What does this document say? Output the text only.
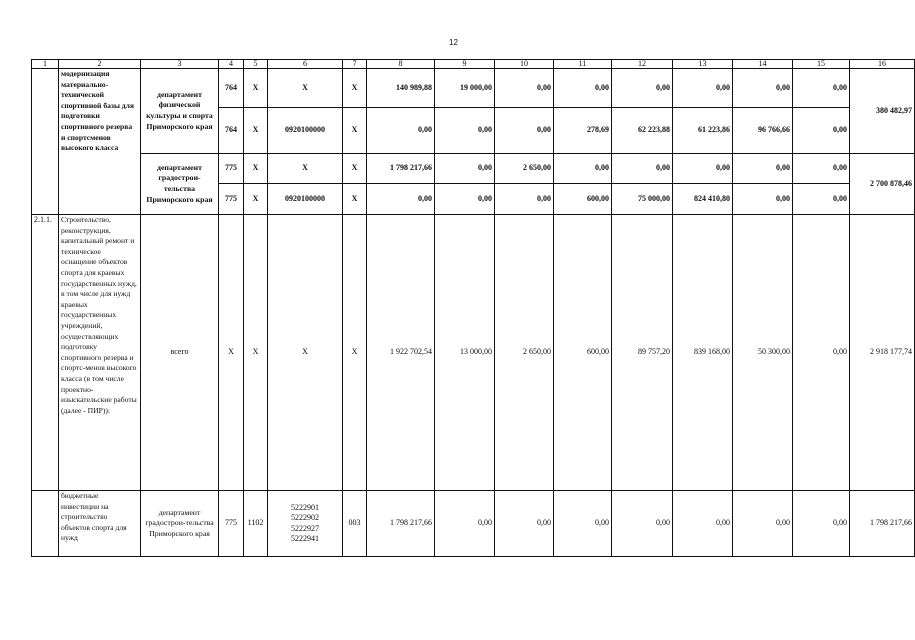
12
1	2	3	4	5	6	7	8	9	10	11	12	13	14	15	16
	модернизация материально-технической спортивной базы для подготовки спортивного резерва и спортсменов высокого класса	департамент физической культуры и спорта Приморского края	764	X	X	X	140 989,88	19 000,00	0,00	0,00	0,00	0,00	0,00	0,00	380 482,97
			764	X	0920100000	X	0,00	0,00	0,00	278,69	62 223,88	61 223,86	96 766,66	0,00	
		департамент градострои-тельства Приморского края	775	X	X	X	1 798 217,66	0,00	2 650,00	0,00	0,00	0,00	0,00	0,00	2 700 878,46
			775	X	0920100000	X	0,00	0,00	0,00	600,00	75 000,00	824 410,80	0,00	0,00	
2.1.1.	Строительство, реконструкция, капитальный ремонт и техническое оснащение объектов спорта для краевых государственных нужд, в том числе для нужд краевых государственных учреждений, осуществляющих подготовку спортивного резерва и спортс-менов высокого класса (в том числе проектно-изыскательские работы (далее - ПИР)):	всего	X	X	X	X	1 922 702,54	13 000,00	2 650,00	600,00	89 757,20	839 168,00	50 300,00	0,00	2 918 177,74
	бюджетные инвестиции на строительство объектов спорта для нужд	департамент градострои-тельства Приморского края	775	1102	5222901
5222902
5222927
5222941	003	1 798 217,66	0,00	0,00	0,00	0,00	0,00	0,00	0,00	1 798 217,66
